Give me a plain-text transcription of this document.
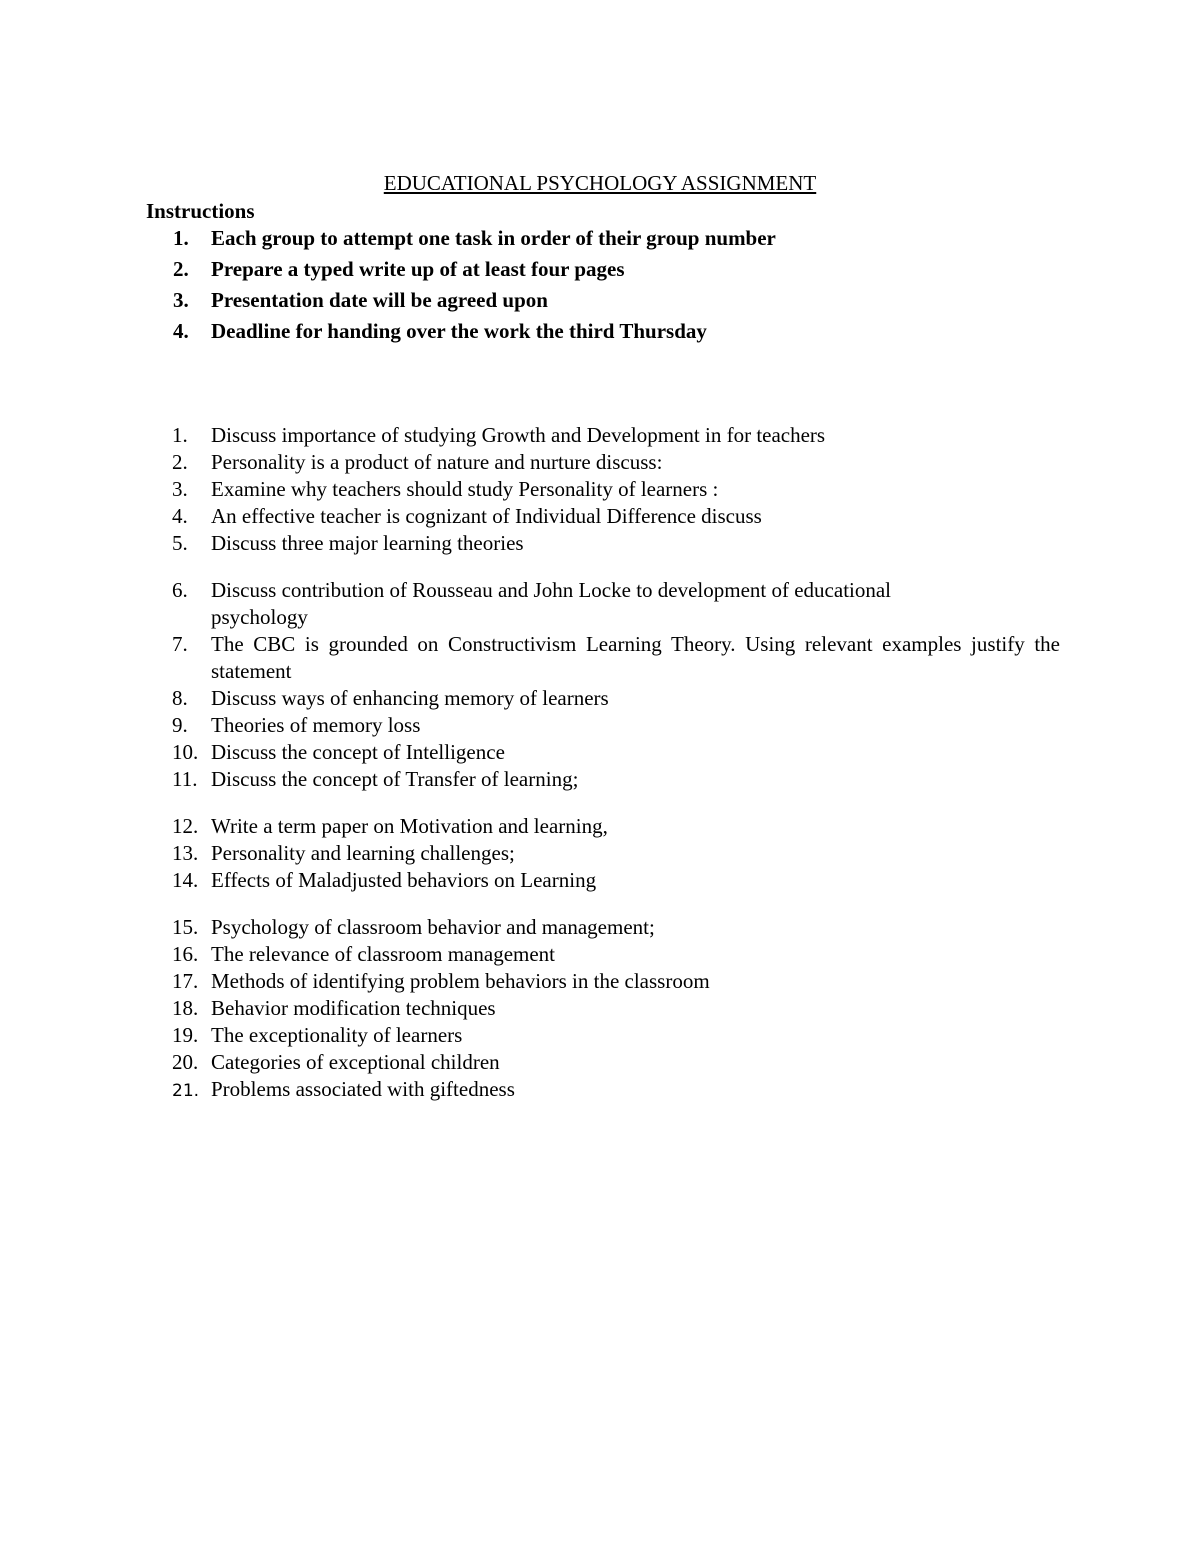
EDUCATIONAL PSYCHOLOGY ASSIGNMENT
Instructions
1. Each group to attempt one task in order of their group number
2. Prepare a typed write up of at least four pages
3. Presentation date will be agreed upon
4. Deadline for handing over the work the third Thursday
1.	Discuss importance of studying Growth and Development in for teachers
2.	Personality is a product of nature and nurture discuss:
3.	Examine why teachers should study Personality of learners :
4.	An effective teacher is cognizant of Individual Difference discuss
5.	Discuss three major learning theories
6.	Discuss contribution of Rousseau and John Locke to development of educational psychology
7.	The CBC is grounded on Constructivism Learning Theory. Using relevant examples justify the statement
8.	Discuss ways of enhancing memory of learners
9.	Theories of memory loss
10. Discuss the concept of Intelligence
11. Discuss the concept of Transfer of learning;
12. Write a term paper on Motivation and learning,
13. Personality and learning challenges;
14. Effects of Maladjusted behaviors on Learning
15. Psychology of classroom behavior and management;
16. The relevance of classroom management
17. Methods of identifying problem behaviors in the classroom
18. Behavior modification techniques
19. The exceptionality of learners
20. Categories of exceptional children
21. Problems associated with giftedness
